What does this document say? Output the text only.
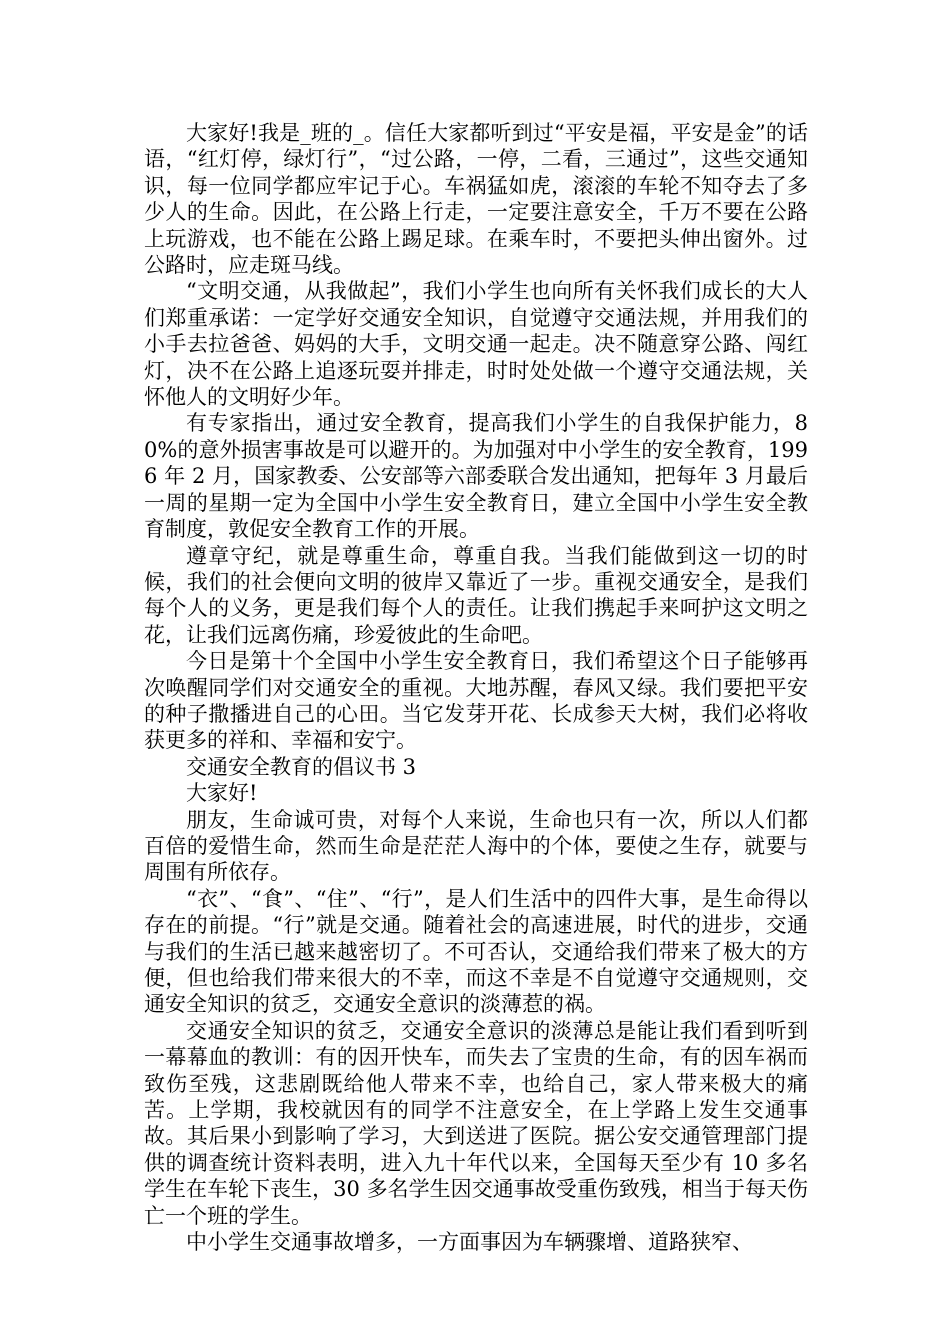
大家好!我是_班的_。信任大家都听到过“平安是福，平安是金”的话语，“红灯停，绿灯行”，“过公路，一停，二看，三通过”，这些交通知识，每一位同学都应牢记于心。车祸猛如虎，滚滚的车轮不知夺去了多少人的生命。因此，在公路上行走，一定要注意安全，千万不要在公路上玩游戏，也不能在公路上踢足球。在乘车时，不要把头伸出窗外。过公路时，应走斑马线。

“文明交通，从我做起”，我们小学生也向所有关怀我们成长的大人们郑重承诺：一定学好交通安全知识，自觉遵守交通法规，并用我们的小手去拉爸爸、妈妈的大手，文明交通一起走。决不随意穿公路、闯红灯，决不在公路上追逐玩耍并排走，时时处处做一个遵守交通法规，关怀他人的文明好少年。

有专家指出，通过安全教育，提高我们小学生的自我保护能力，80%的意外损害事故是可以避开的。为加强对中小学生的安全教育，1996 年 2 月，国家教委、公安部等六部委联合发出通知，把每年 3 月最后一周的星期一定为全国中小学生安全教育日，建立全国中小学生安全教育制度，敦促安全教育工作的开展。

遵章守纪，就是尊重生命，尊重自我。当我们能做到这一切的时候，我们的社会便向文明的彼岸又靠近了一步。重视交通安全，是我们每个人的义务，更是我们每个人的责任。让我们携起手来呵护这文明之花，让我们远离伤痛，珍爱彼此的生命吧。

今日是第十个全国中小学生安全教育日，我们希望这个日子能够再次唤醒同学们对交通安全的重视。大地苏醒，春风又绿。我们要把平安的种子撒播进自己的心田。当它发芽开花、长成参天大树，我们必将收获更多的祥和、幸福和安宁。

交通安全教育的倡议书 3

大家好!

朋友，生命诚可贵，对每个人来说，生命也只有一次，所以人们都百倍的爱惜生命，然而生命是茫茫人海中的个体，要使之生存，就要与周围有所依存。

“衣”、“食”、“住”、“行”，是人们生活中的四件大事，是生命得以存在的前提。“行”就是交通。随着社会的高速进展，时代的进步，交通与我们的生活已越来越密切了。不可否认，交通给我们带来了极大的方便，但也给我们带来很大的不幸，而这不幸是不自觉遵守交通规则，交通安全知识的贫乏，交通安全意识的淡薄惹的祸。

交通安全知识的贫乏，交通安全意识的淡薄总是能让我们看到听到一幕幕血的教训：有的因开快车，而失去了宝贵的生命，有的因车祸而致伤至残，这悲剧既给他人带来不幸，也给自己，家人带来极大的痛苦。上学期，我校就因有的同学不注意安全，在上学路上发生交通事故。其后果小到影响了学习，大到送进了医院。据公安交通管理部门提供的调查统计资料表明，进入九十年代以来，全国每天至少有 10 多名学生在车轮下丧生，30 多名学生因交通事故受重伤致残，相当于每天伤亡一个班的学生。

中小学生交通事故增多，一方面事因为车辆骤增、道路狭窄、
